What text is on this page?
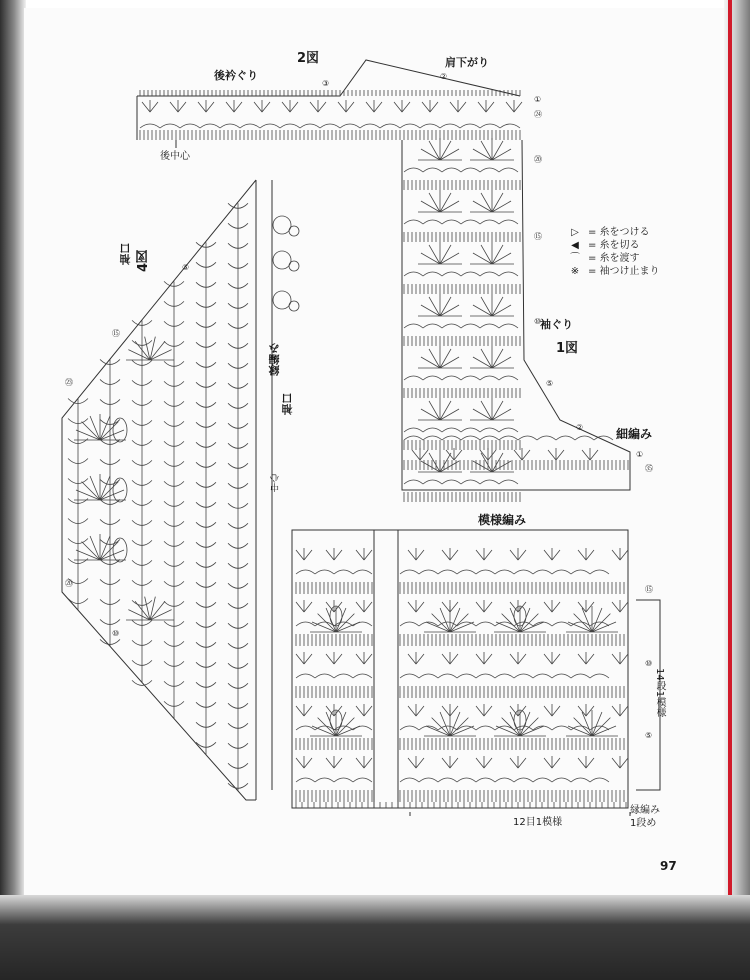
2図
後衿ぐり
肩下がり
後中心
袖ぐり
1図
細編み
模様編み
12目1模様
縁編み
1段め
14段1模様
4図
袖口
袖口
縁編み
中心
▷ = 糸をつける
◀ = 糸を切る
⌒ = 糸を渡す
※ = 袖つけ止まり
97
①
㉔
⑳
⑮
⑩
⑤
②
③
⑮
⑩
⑤
②
①
㉟
㉓
⑳
⑮
⑩
⑤
